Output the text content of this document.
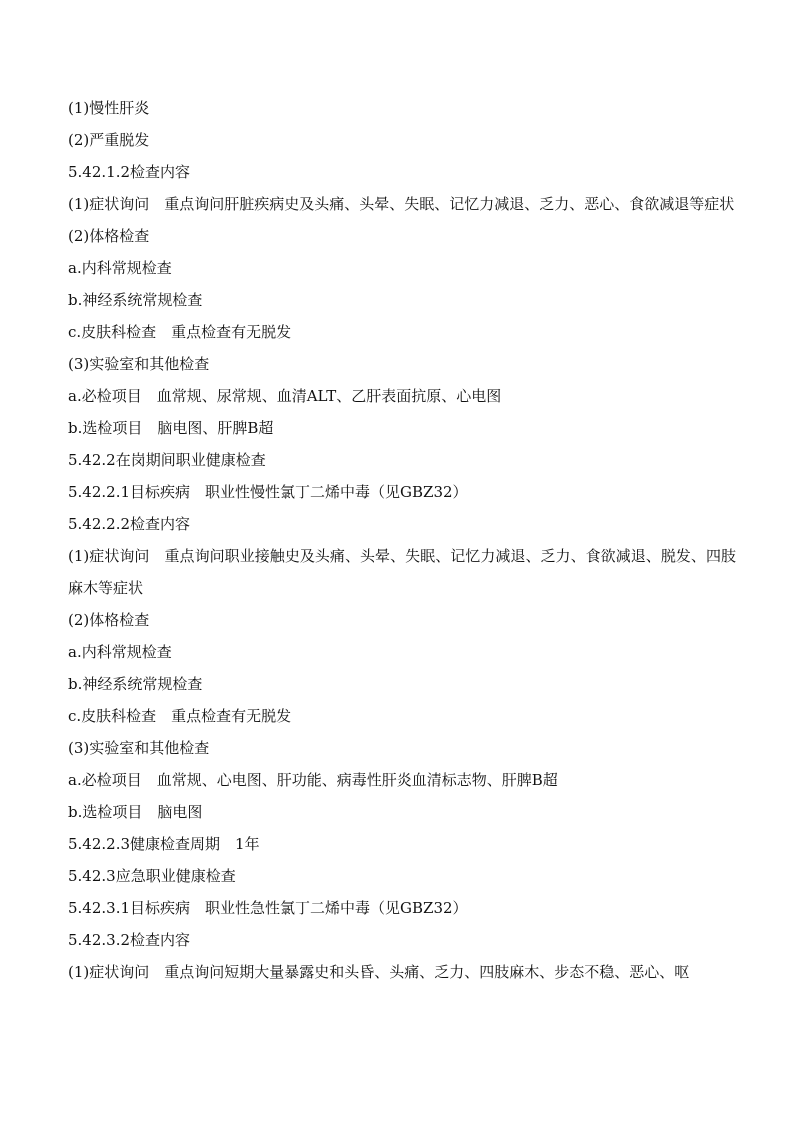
(1)慢性肝炎

(2)严重脱发

5.42.1.2检查内容

(1)症状询问　重点询问肝脏疾病史及头痛、头晕、失眠、记忆力减退、乏力、恶心、食欲减退等症状

(2)体格检查

a.内科常规检查

b.神经系统常规检查

c.皮肤科检查　重点检查有无脱发

(3)实验室和其他检查

a.必检项目　血常规、尿常规、血清ALT、乙肝表面抗原、心电图

b.选检项目　脑电图、肝脾B超

5.42.2在岗期间职业健康检查

5.42.2.1目标疾病　职业性慢性氯丁二烯中毒（见GBZ32）

5.42.2.2检查内容

(1)症状询问　重点询问职业接触史及头痛、头晕、失眠、记忆力减退、乏力、食欲减退、脱发、四肢麻木等症状

(2)体格检查

a.内科常规检查

b.神经系统常规检查

c.皮肤科检查　重点检查有无脱发

(3)实验室和其他检查

a.必检项目　血常规、心电图、肝功能、病毒性肝炎血清标志物、肝脾B超

b.选检项目　脑电图

5.42.2.3健康检查周期　1年

5.42.3应急职业健康检查

5.42.3.1目标疾病　职业性急性氯丁二烯中毒（见GBZ32）

5.42.3.2检查内容

(1)症状询问　重点询问短期大量暴露史和头昏、头痛、乏力、四肢麻木、步态不稳、恶心、呕
